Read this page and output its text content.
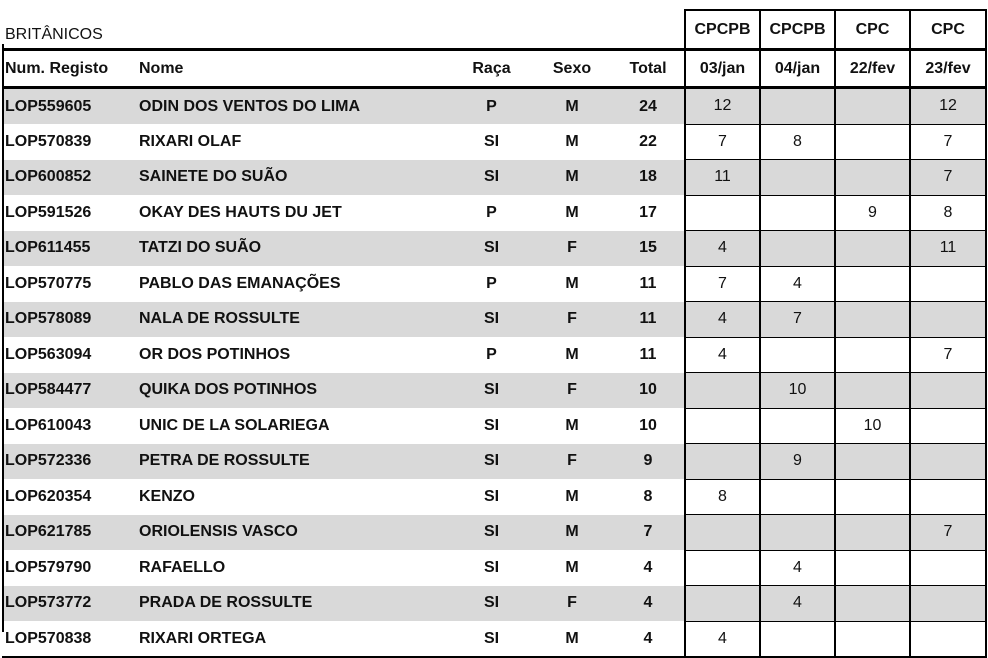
BRITÂNICOS					CPCPB	CPCPB	CPC	CPC
Num. Registo	Nome	Raça	Sexo	Total	03/jan	04/jan	22/fev	23/fev
LOP559605	ODIN DOS VENTOS DO LIMA	P	M	24	12			12
LOP570839	RIXARI OLAF	SI	M	22	7	8		7
LOP600852	SAINETE DO SUÃO	SI	M	18	11			7
LOP591526	OKAY DES HAUTS DU JET	P	M	17			9	8
LOP611455	TATZI DO SUÃO	SI	F	15	4			11
LOP570775	PABLO DAS EMANAÇÕES	P	M	11	7	4		
LOP578089	NALA DE ROSSULTE	SI	F	11	4	7		
LOP563094	OR DOS POTINHOS	P	M	11	4			7
LOP584477	QUIKA DOS POTINHOS	SI	F	10		10		
LOP610043	UNIC DE LA SOLARIEGA	SI	M	10			10	
LOP572336	PETRA DE ROSSULTE	SI	F	9		9		
LOP620354	KENZO	SI	M	8	8			
LOP621785	ORIOLENSIS VASCO	SI	M	7				7
LOP579790	RAFAELLO	SI	M	4		4		
LOP573772	PRADA DE ROSSULTE	SI	F	4		4		
LOP570838	RIXARI ORTEGA	SI	M	4	4			
